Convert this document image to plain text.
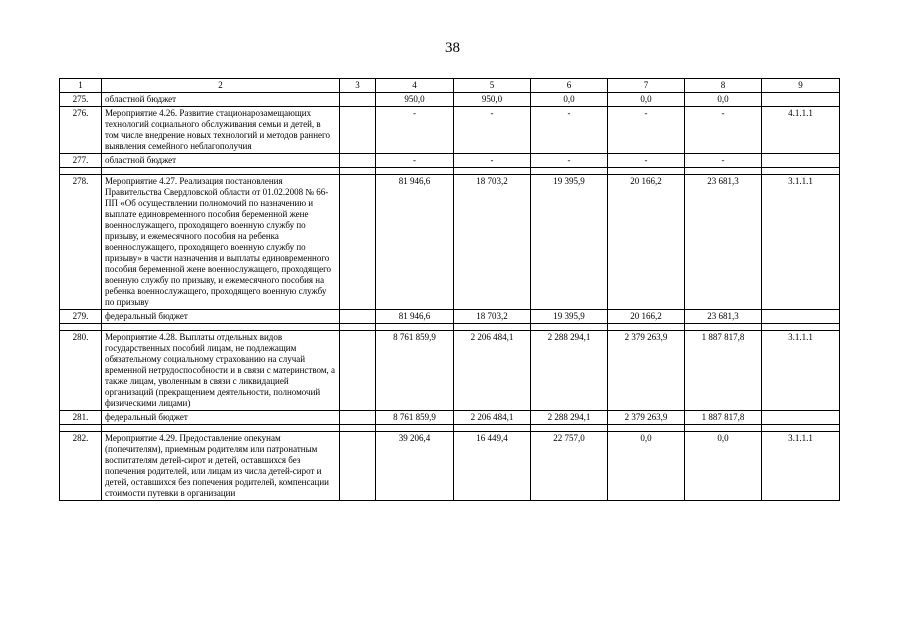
38
1	2	3	4	5	6	7	8	9
275.	областной бюджет		950,0	950,0	0,0	0,0	0,0	
276.	Мероприятие 4.26. Развитие стационарозамещающих технологий социального обслуживания семьи и детей, в том числе внедрение новых технологий и методов раннего выявления семейного неблагополучия		-	-	-	-	-	4.1.1.1
277.	областной бюджет		-	-	-	-	-	

278.	Мероприятие 4.27. Реализация постановления Правительства Свердловской области от 01.02.2008 № 66-ПП «Об осуществлении полномочий по назначению и выплате единовременного пособия беременной жене военнослужащего, проходящего военную службу по призыву, и ежемесячного пособия на ребенка военнослужащего, проходящего военную службу по призыву» в части назначения и выплаты единовременного пособия беременной жене военнослужащего, проходящего военную службу по призыву, и ежемесячного пособия на ребенка военнослужащего, проходящего военную службу по призыву		81 946,6	18 703,2	19 395,9	20 166,2	23 681,3	3.1.1.1
279.	федеральный бюджет		81 946,6	18 703,2	19 395,9	20 166,2	23 681,3	

280.	Мероприятие 4.28. Выплаты отдельных видов государственных пособий лицам, не подлежащим обязательному социальному страхованию на случай временной нетрудоспособности и в связи с материнством, а также лицам, уволенным в связи с ликвидацией организаций (прекращением деятельности, полномочий физическими лицами)		8 761 859,9	2 206 484,1	2 288 294,1	2 379 263,9	1 887 817,8	3.1.1.1
281.	федеральный бюджет		8 761 859,9	2 206 484,1	2 288 294,1	2 379 263,9	1 887 817,8	

282.	Мероприятие 4.29. Предоставление опекунам (попечителям), приемным родителям или патронатным воспитателям детей-сирот и детей, оставшихся без попечения родителей, или лицам из числа детей-сирот и детей, оставшихся без попечения родителей, компенсации стоимости путевки в организации		39 206,4	16 449,4	22 757,0	0,0	0,0	3.1.1.1
